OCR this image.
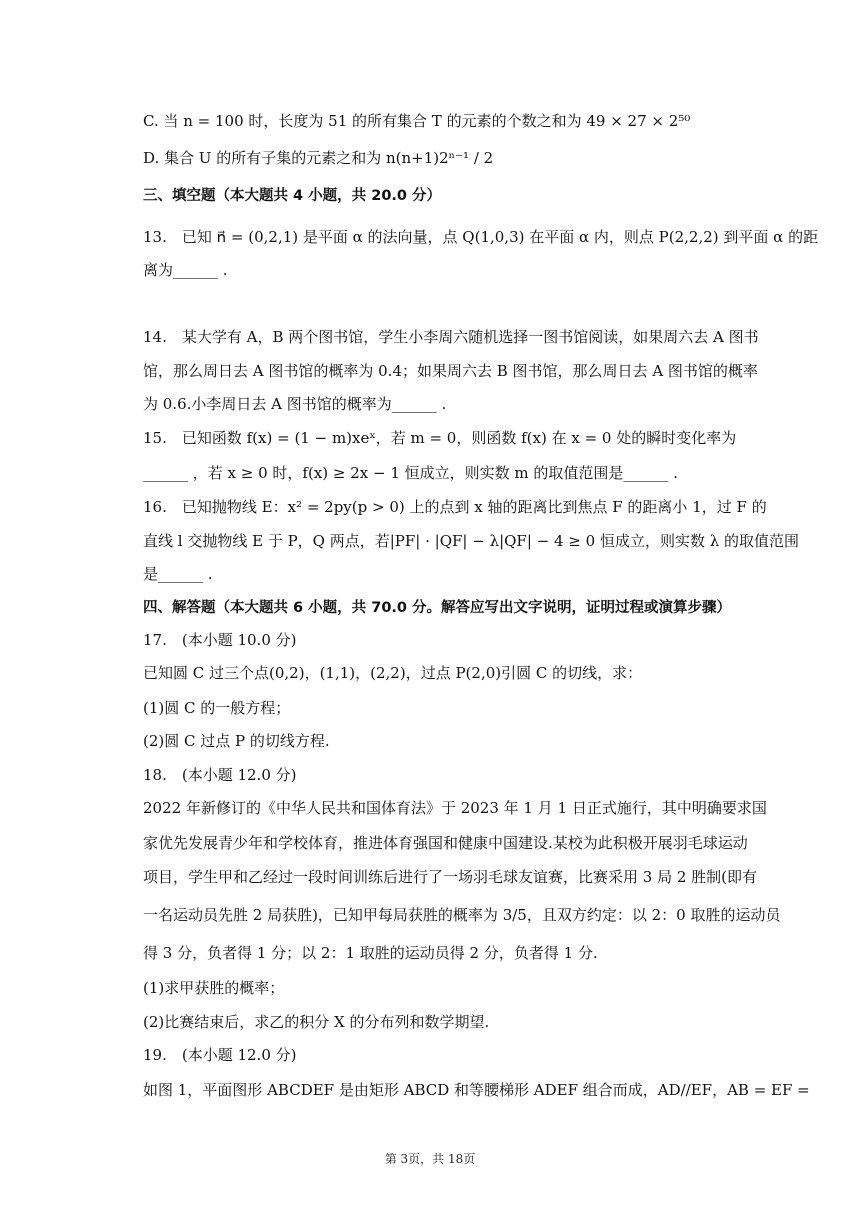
C. 当 n = 100 时，长度为 51 的所有集合 T 的元素的个数之和为 49 × 27 × 2⁵⁰
D. 集合 U 的所有子集的元素之和为 n(n+1)2ⁿ⁻¹ / 2
三、填空题（本大题共 4 小题，共 20.0 分）
13.　已知 n⃗ = (0,2,1) 是平面 α 的法向量，点 Q(1,0,3) 在平面 α 内，则点 P(2,2,2) 到平面 α 的距
离为______ .
14.　某大学有 A，B 两个图书馆，学生小李周六随机选择一图书馆阅读，如果周六去 A 图书
馆，那么周日去 A 图书馆的概率为 0.4；如果周六去 B 图书馆，那么周日去 A 图书馆的概率
为 0.6.小李周日去 A 图书馆的概率为______ .
15.　已知函数 f(x) = (1 − m)xeˣ，若 m = 0，则函数 f(x) 在 x = 0 处的瞬时变化率为
______ ，若 x ≥ 0 时，f(x) ≥ 2x − 1 恒成立，则实数 m 的取值范围是______ .
16.　已知抛物线 E：x² = 2py(p > 0) 上的点到 x 轴的距离比到焦点 F 的距离小 1，过 F 的
直线 l 交抛物线 E 于 P，Q 两点，若|PF| · |QF| − λ|QF| − 4 ≥ 0 恒成立，则实数 λ 的取值范围
是______ .
四、解答题（本大题共 6 小题，共 70.0 分。解答应写出文字说明，证明过程或演算步骤）
17.　(本小题 10.0 分)
已知圆 C 过三个点(0,2)，(1,1)，(2,2)，过点 P(2,0)引圆 C 的切线，求：
(1)圆 C 的一般方程；
(2)圆 C 过点 P 的切线方程.
18.　(本小题 12.0 分)
2022 年新修订的《中华人民共和国体育法》于 2023 年 1 月 1 日正式施行，其中明确要求国
家优先发展青少年和学校体育，推进体育强国和健康中国建设.某校为此积极开展羽毛球运动
项目，学生甲和乙经过一段时间训练后进行了一场羽毛球友谊赛，比赛采用 3 局 2 胜制(即有
一名运动员先胜 2 局获胜)，已知甲每局获胜的概率为 3/5，且双方约定：以 2：0 取胜的运动员
得 3 分，负者得 1 分；以 2：1 取胜的运动员得 2 分，负者得 1 分.
(1)求甲获胜的概率；
(2)比赛结束后，求乙的积分 X 的分布列和数学期望.
19.　(本小题 12.0 分)
如图 1，平面图形 ABCDEF 是由矩形 ABCD 和等腰梯形 ADEF 组合而成，AD//EF，AB = EF =
第 3页，共 18页
